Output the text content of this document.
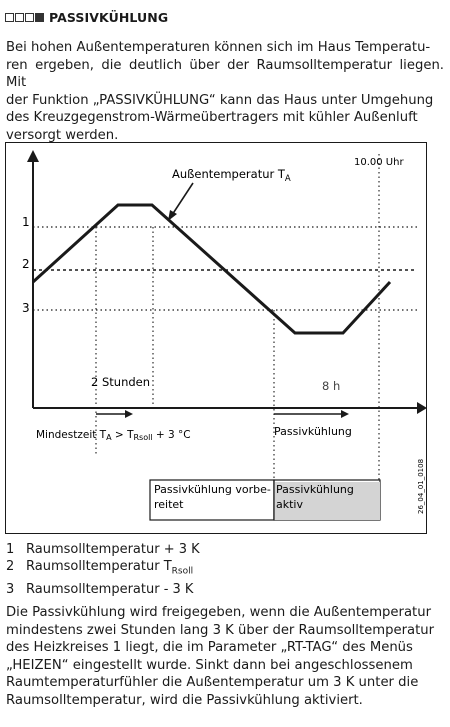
PASSIVKÜHLUNG

Bei hohen Außentemperaturen können sich im Haus Temperatu-

ren ergeben, die deutlich über der Raumsolltemperatur liegen. Mit

der Funktion „PASSIVKÜHLUNG“ kann das Haus unter Umgehung

des Kreuzgegenstrom-Wärmeübertragers mit kühler Außenluft

versorgt werden.

1
2
3
Außentemperatur $T_A$
10.00 Uhr
2 Stunden	8 h
Mindestzeit TA > TRsoll + 3 °C	Passivkühlung
Passivkühlung vorbe-
reitet
Passivkühlung
aktiv	26_04_01_0108
1 Raumsolltemperatur + 3 K
2 Raumsolltemperatur $T_{Rsoll}$
3 Raumsolltemperatur - 3 K

Die Passivkühlung wird freigegeben, wenn die Außentemperatur

mindestens zwei Stunden lang 3 K über der Raumsolltemperatur

des Heizkreises 1 liegt, die im Parameter „RT-TAG“ des Menüs

„HEIZEN“ eingestellt wurde. Sinkt dann bei angeschlossenem

Raumtemperaturfühler die Außentemperatur um 3 K unter die

Raumsolltemperatur, wird die Passivkühlung aktiviert.
